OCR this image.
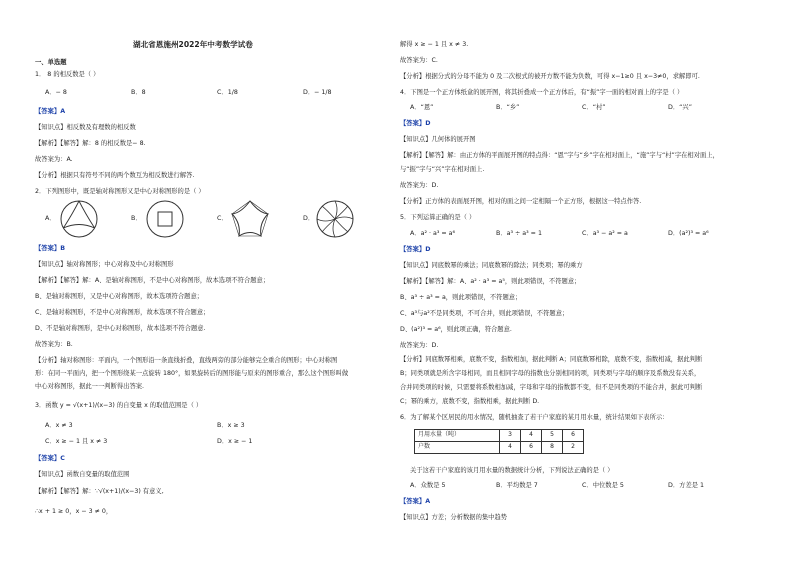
湖北省恩施州2022年中考数学试卷
一、单选题
1． 8 的相反数是（ ）
A．− 8	B．8	C．1/8	D．− 1/8
【答案】A
【知识点】相反数及有理数的相反数
【解析】【解答】解：8 的相反数是− 8.
故答案为：A.
【分析】根据只有符号不同的两个数互为相反数进行解答.
2．下列图形中，既是轴对称图形又是中心对称图形的是（ ）
A．	B．	C．	D．
【答案】B
【知识点】轴对称图形；中心对称及中心对称图形
【解析】【解答】解：A、是轴对称图形，不是中心对称图形，故本选项不符合题意；
B、是轴对称图形，又是中心对称图形，故本选项符合题意；
C、是轴对称图形，不是中心对称图形，故本选项不符合题意；
D、不是轴对称图形，是中心对称图形，故本选项不符合题意.
故答案为：B.
【分析】轴对称图形：平面内，一个图形沿一条直线折叠，直线两旁的部分能够完全重合的图形；中心对称图
形：在同一平面内，把一个图形绕某一点旋转 180°，如果旋转后的图形能与原来的图形重合，那么这个图形叫做
中心对称图形，据此一一判断得出答案.
3．函数 y = √(x+1)/(x−3) 的自变量 x 的取值范围是（ ）
A．x ≠ 3	B．x ≥ 3
C．x ≥ − 1 且 x ≠ 3	D．x ≥ − 1
【答案】C
【知识点】函数自变量的取值范围
【解析】【解答】解：∵√(x+1)/(x−3) 有意义,
∴x + 1 ≥ 0，x − 3 ≠ 0，
解得 x ≥ − 1 且 x ≠ 3.
故答案为：C.
【分析】根据分式的分母不能为 0 及二次根式的被开方数不能为负数，可得 x−1≥0 且 x−3≠0，求解即可.
4．下图是一个正方体纸盒的展开图，将其折叠成一个正方体后，有“振”字一面的相对面上的字是（ ）
A．“恩”	B．“乡”	C．“村”	D．“兴”
【答案】D
【知识点】几何体的展开图
【解析】【解答】解：由正方体的平面展开图的特点得：“恩”字与“乡”字在相对面上，“施”字与“村”字在相对面上，
与“振”字与“兴”字在相对面上.
故答案为：D.
【分析】正方体的表面展开图，相对的面之间一定相隔一个正方形，根据这一特点作答.
5．下列运算正确的是（ ）
A．a² · a³ = a⁶	B．a³ ÷ a³ = 1	C．a³ − a² = a	D．(a²)³ = a⁶
【答案】D
【知识点】同底数幂的乘法；同底数幂的除法；同类项；幂的乘方
【解析】【解答】解：A、a² · a³ = a⁵，则此项错误，不符题意；
B、a³ ÷ a³ = a，则此项错误，不符题意；
C、a³与a²不是同类项，不可合并，则此项错误，不符题意；
D、(a²)³ = a⁶，则此项正确，符合题意.
故答案为：D.
【分析】同底数幂相乘，底数不变，指数相加，据此判断 A；同底数幂相除，底数不变，指数相减，据此判断
B；同类项就是所含字母相同，而且相同字母的指数也分别相同的项，同类项与字母的顺序及系数没有关系，
合并同类项的时候，只需要将系数相加减，字母和字母的指数都不变，但不是同类项的不能合并，据此可判断
C；幂的乘方，底数不变，指数相乘，据此判断 D.
6．为了解某个区居民的用水情况，随机抽查了若干户家庭的某月用水量，统计结果如下表所示：
月用水量（吨）	3	4	5	6
户数	4	6	8	2
关于这若干户家庭的该月用水量的数据统计分析，下列说法正确的是（ ）
A．众数是 5	B．平均数是 7	C．中位数是 5	D．方差是 1
【答案】A
【知识点】方差；分析数据的集中趋势
